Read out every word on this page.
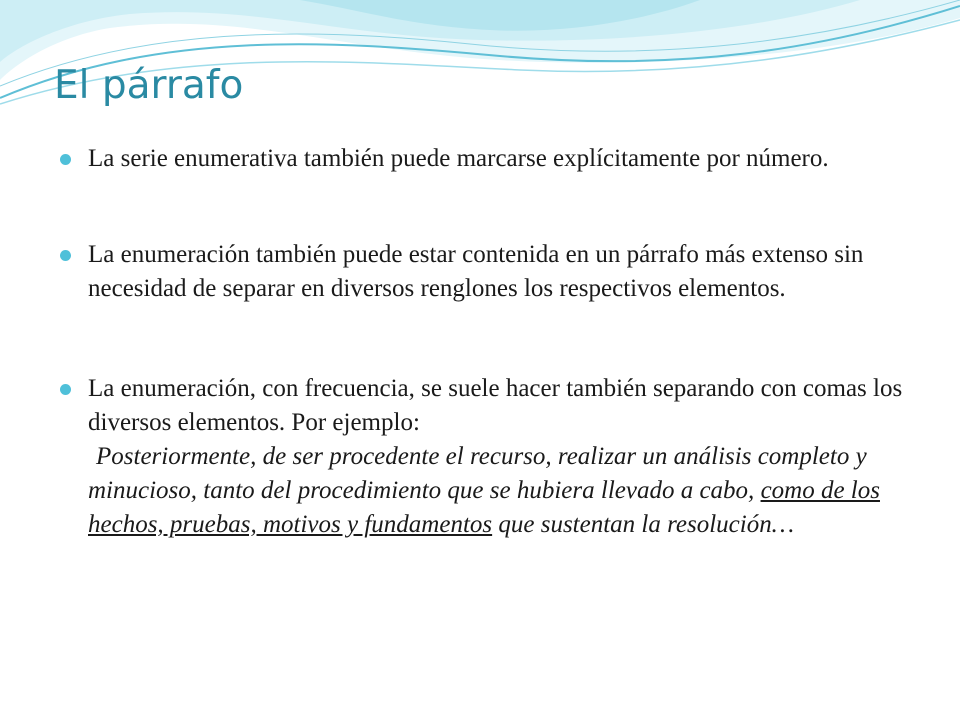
El párrafo
La serie enumerativa también puede marcarse explícitamente por número.
La enumeración también puede estar contenida en un párrafo más extenso sin necesidad de separar en diversos renglones los respectivos elementos.
La enumeración, con frecuencia, se suele hacer también separando con comas los diversos elementos. Por ejemplo:
Posteriormente, de ser procedente el recurso, realizar un análisis completo y minucioso, tanto del procedimiento que se hubiera llevado a cabo, como de los hechos, pruebas, motivos y fundamentos que sustentan la resolución…
